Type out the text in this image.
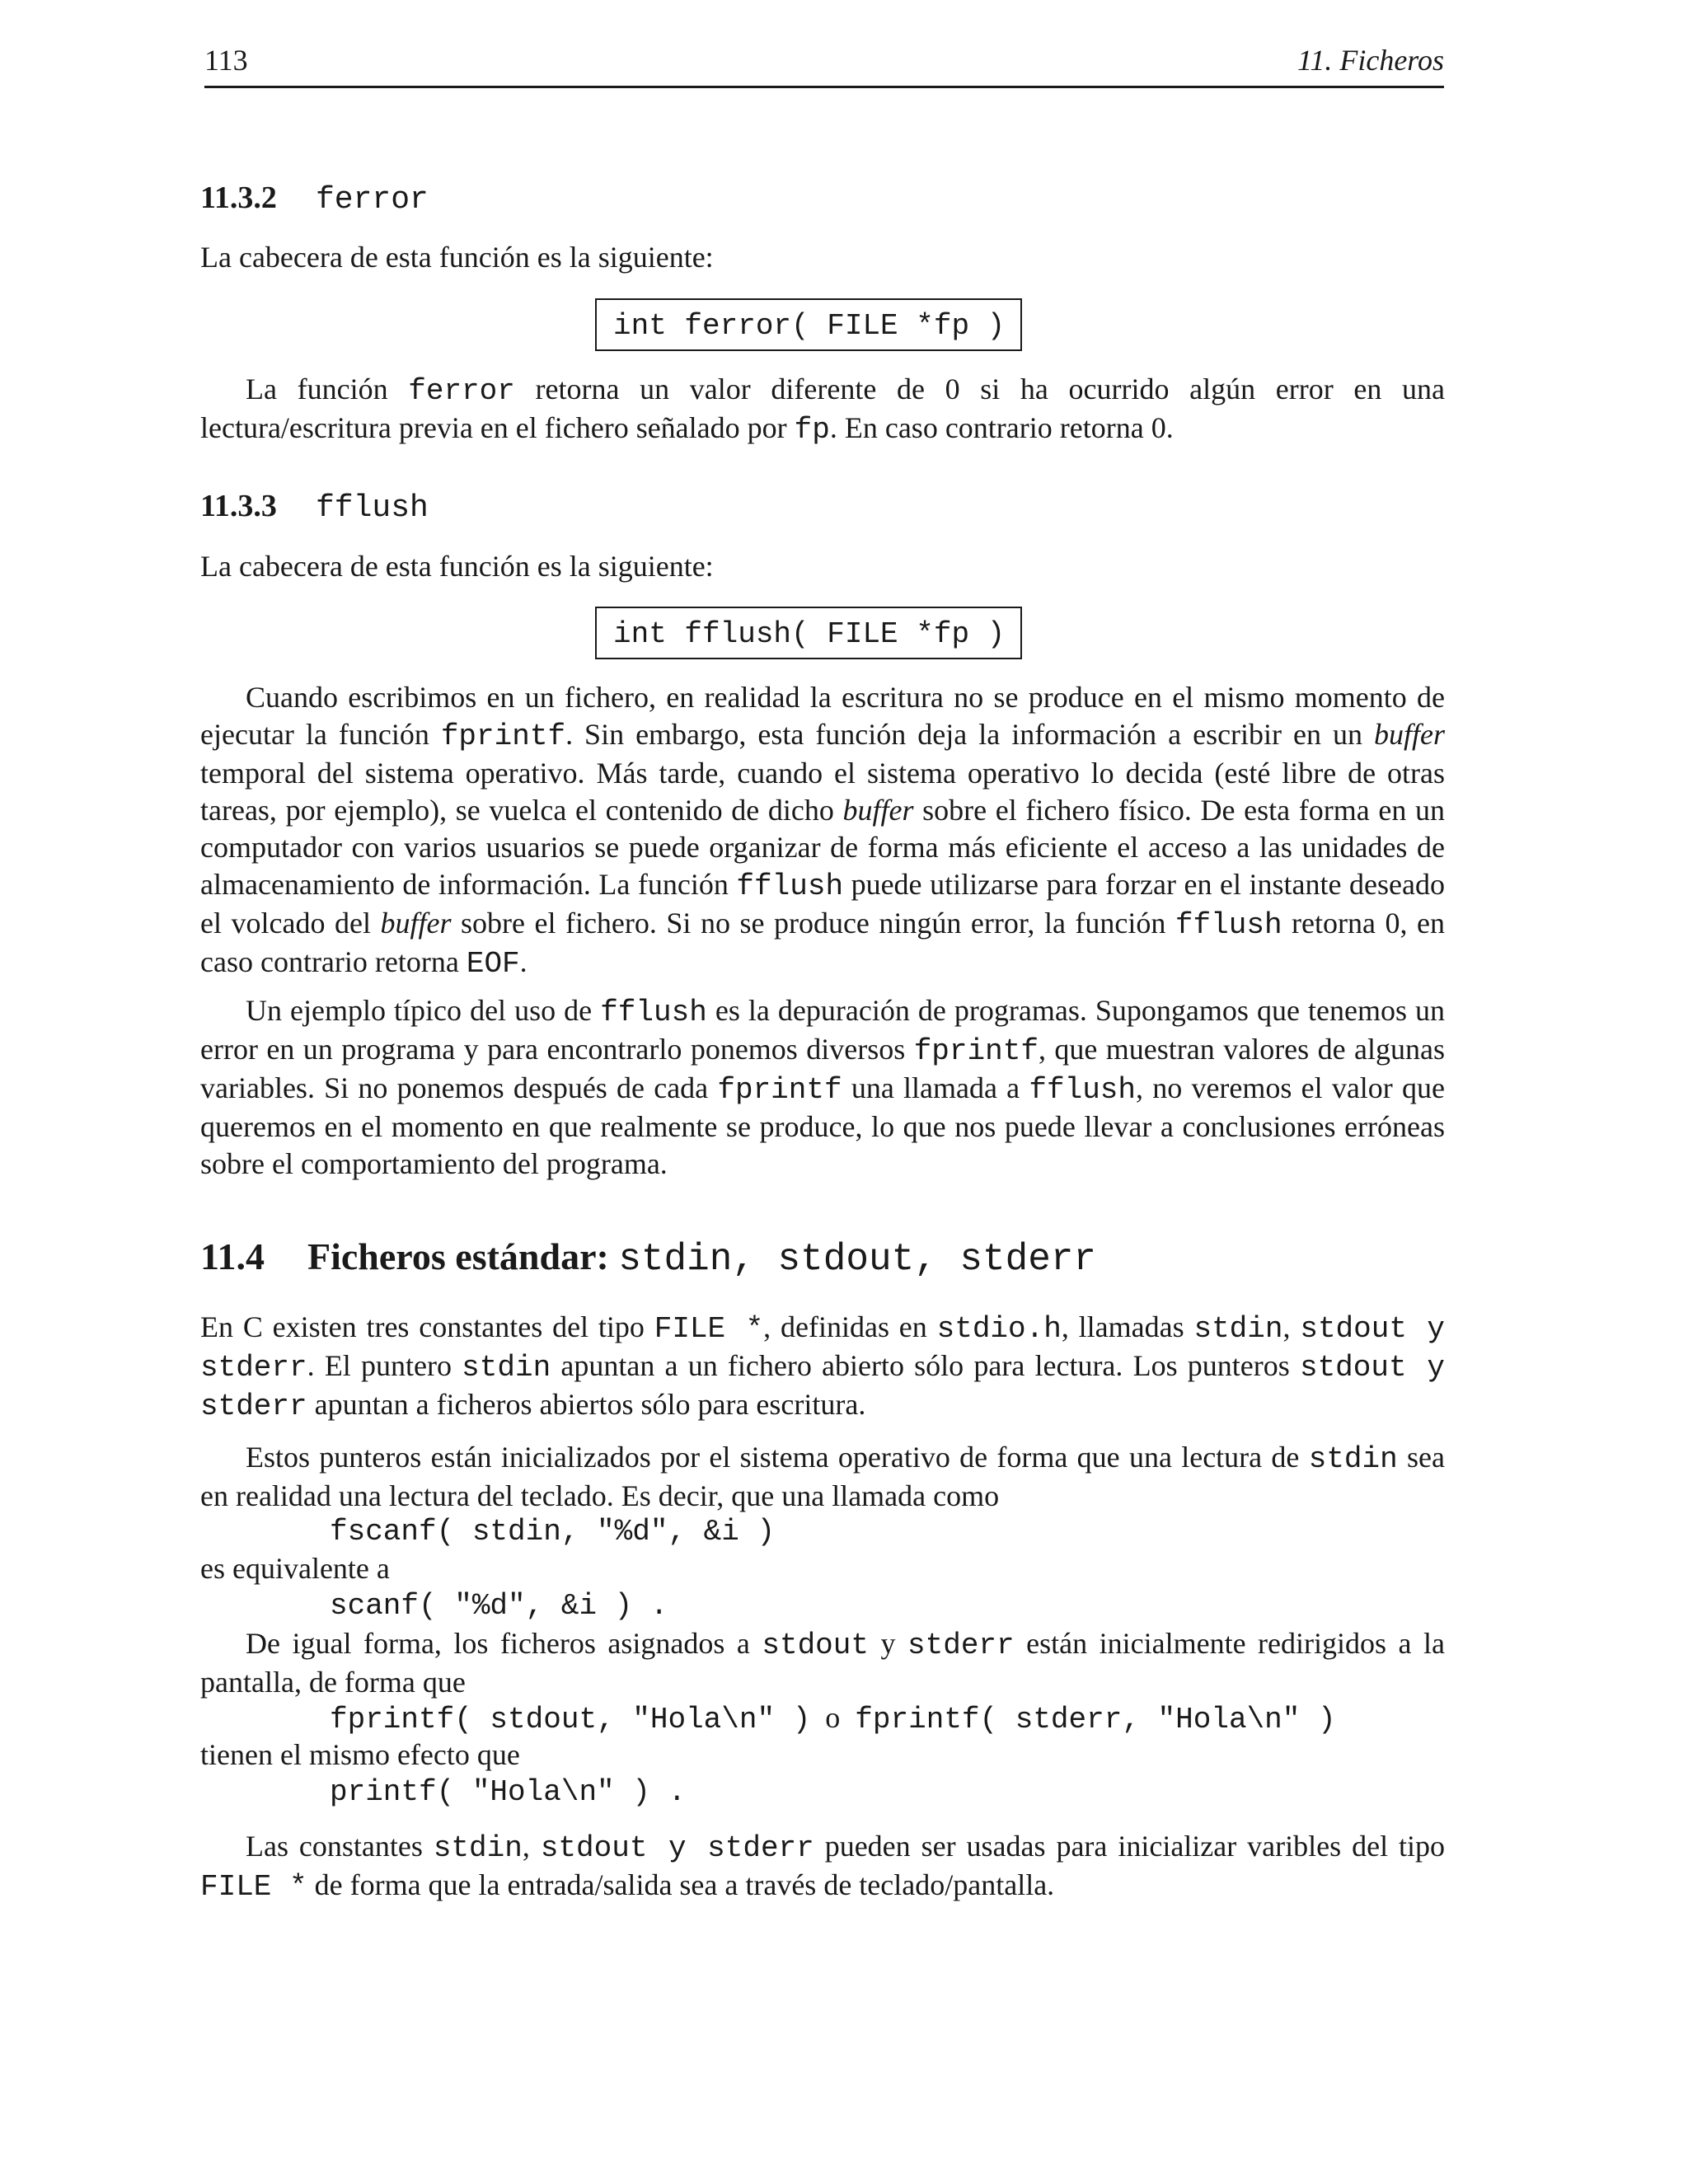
113	11. Ficheros
11.3.2 ferror

La cabecera de esta función es la siguiente:

int ferror( FILE *fp )
La función ferror retorna un valor diferente de 0 si ha ocurrido algún error en una lectura/escritura previa en el fichero señalado por fp. En caso contrario retorna 0.
11.3.3 fflush

La cabecera de esta función es la siguiente:

int fflush( FILE *fp )
Cuando escribimos en un fichero, en realidad la escritura no se produce en el mismo momento de ejecutar la función fprintf. Sin embargo, esta función deja la información a escribir en un buffer temporal del sistema operativo. Más tarde, cuando el sistema operativo lo decida (esté libre de otras tareas, por ejemplo), se vuelca el contenido de dicho buffer sobre el fichero físico. De esta forma en un computador con varios usuarios se puede organizar de forma más eficiente el acceso a las unidades de almacenamiento de información. La función fflush puede utilizarse para forzar en el instante deseado el volcado del buffer sobre el fichero. Si no se produce ningún error, la función fflush retorna 0, en caso contrario retorna EOF.
Un ejemplo típico del uso de fflush es la depuración de programas. Supongamos que tenemos un error en un programa y para encontrarlo ponemos diversos fprintf, que muestran valores de algunas variables. Si no ponemos después de cada fprintf una llamada a fflush, no veremos el valor que queremos en el momento en que realmente se produce, lo que nos puede llevar a conclusiones erróneas sobre el comportamiento del programa.
11.4 Ficheros estándar: stdin, stdout, stderr
En C existen tres constantes del tipo FILE *, definidas en stdio.h, llamadas stdin, stdout y stderr. El puntero stdin apuntan a un fichero abierto sólo para lectura. Los punteros stdout y stderr apuntan a ficheros abiertos sólo para escritura.
Estos punteros están inicializados por el sistema operativo de forma que una lectura de stdin sea en realidad una lectura del teclado. Es decir, que una llamada como
fscanf( stdin, "%d", &i )
es equivalente a
scanf( "%d", &i ) .
De igual forma, los ficheros asignados a stdout y stderr están inicialmente redirigidos a la pantalla, de forma que
fprintf( stdout, "Hola\n" ) o fprintf( stderr, "Hola\n" )
tienen el mismo efecto que
printf( "Hola\n" ) .
Las constantes stdin, stdout y stderr pueden ser usadas para inicializar varibles del tipo FILE * de forma que la entrada/salida sea a través de teclado/pantalla.
